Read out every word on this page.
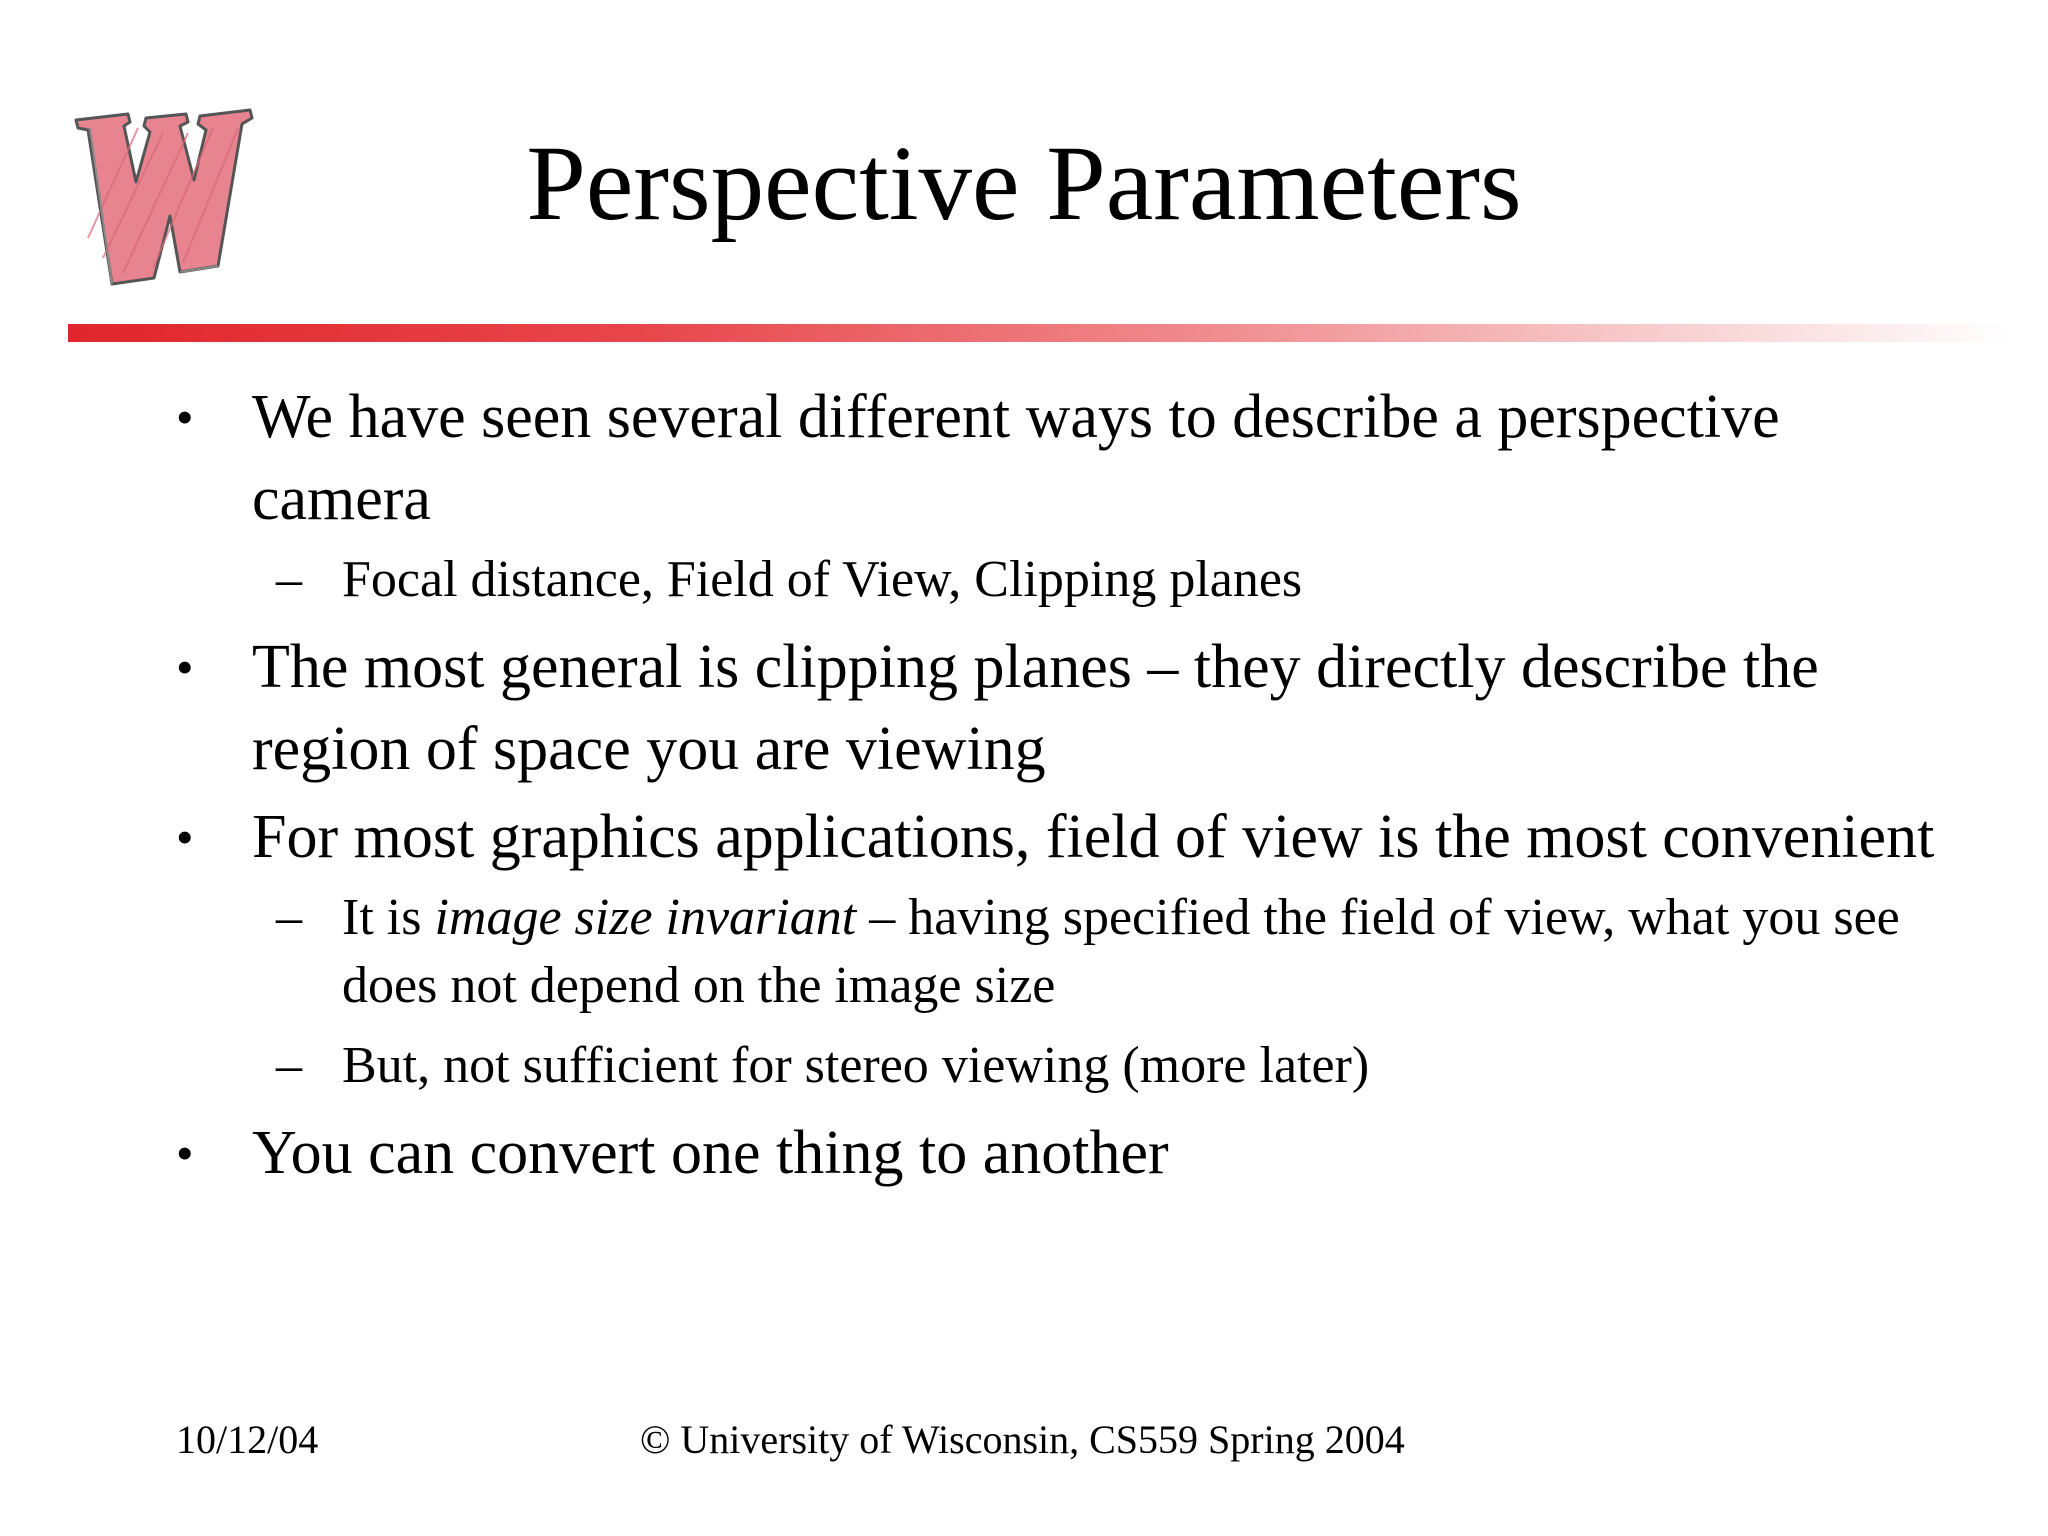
Perspective Parameters
• We have seen several different ways to describe a perspective camera
– Focal distance, Field of View, Clipping planes
• The most general is clipping planes – they directly describe the region of space you are viewing
• For most graphics applications, field of view is the most convenient
– It is image size invariant – having specified the field of view, what you see does not depend on the image size
– But, not sufficient for stereo viewing (more later)
• You can convert one thing to another
10/12/04	© University of Wisconsin, CS559 Spring 2004
